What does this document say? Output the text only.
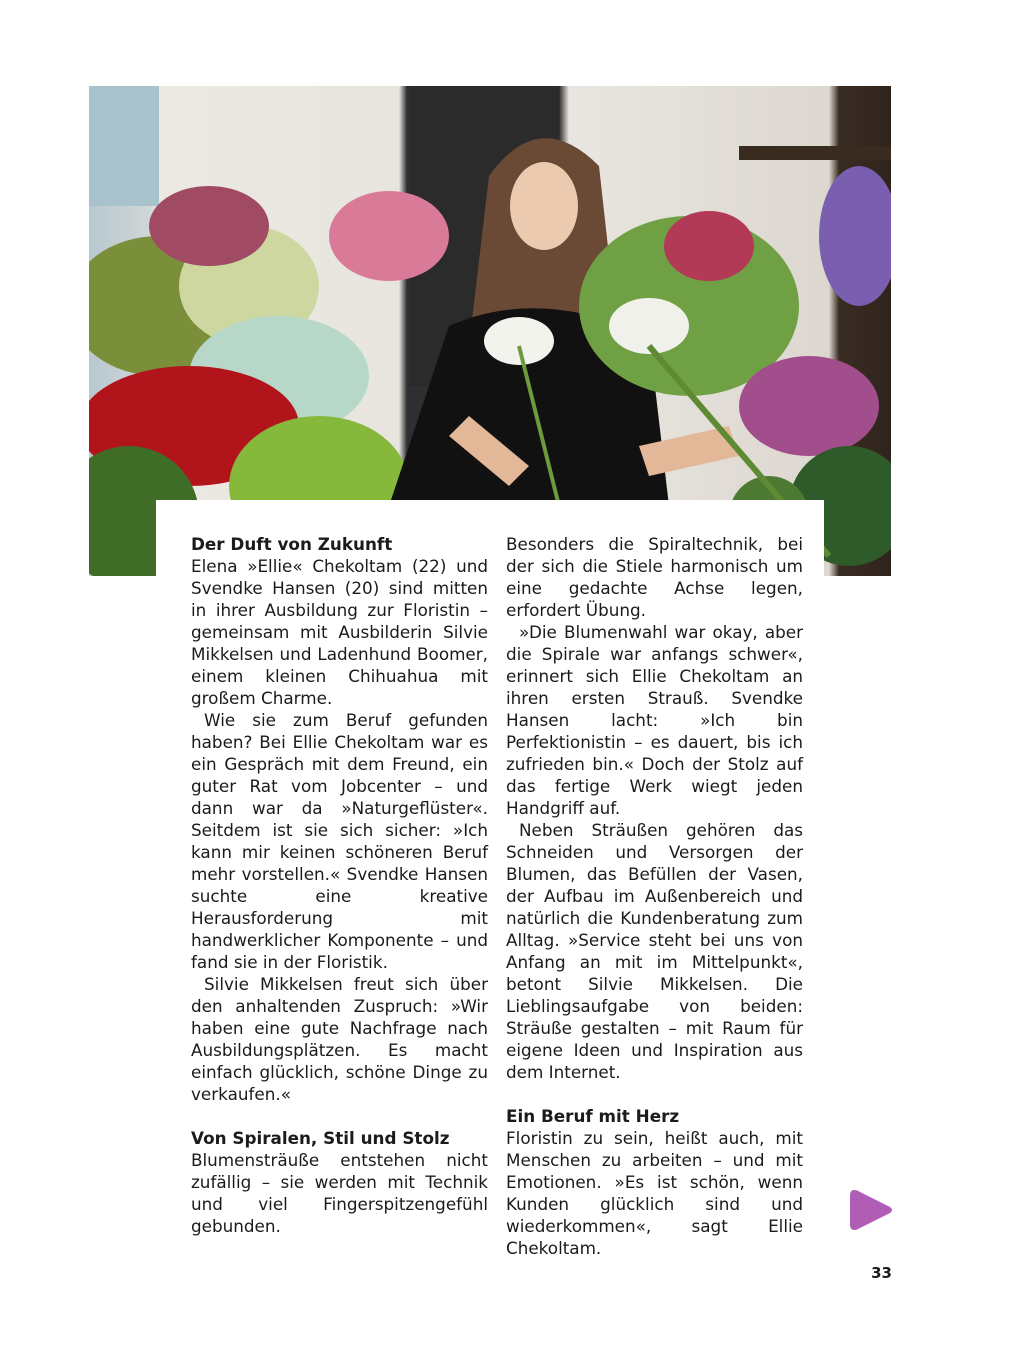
Der Duft von Zukunft

Elena »Ellie« Chekoltam (22) und Svendke Hansen (20) sind mitten in ihrer Ausbildung zur Floristin – gemeinsam mit Ausbilderin Silvie Mikkelsen und Ladenhund Boomer, einem kleinen Chihuahua mit großem Charme.

Wie sie zum Beruf gefunden haben? Bei Ellie Chekoltam war es ein Gespräch mit dem Freund, ein guter Rat vom Jobcenter – und dann war da »Naturgeflüster«. Seitdem ist sie sich sicher: »Ich kann mir keinen schöneren Beruf mehr vorstellen.« Svendke Hansen suchte eine kreative Herausforderung mit handwerklicher Komponente – und fand sie in der Floristik.

Silvie Mikkelsen freut sich über den anhaltenden Zuspruch: »Wir haben eine gute Nachfrage nach Ausbildungsplätzen. Es macht einfach glücklich, schöne Dinge zu verkaufen.«

Von Spiralen, Stil und Stolz

Blumensträuße entstehen nicht zufällig – sie werden mit Technik und viel Fingerspitzengefühl gebunden.

Besonders die Spiraltechnik, bei der sich die Stiele harmonisch um eine gedachte Achse legen, erfordert Übung.

»Die Blumenwahl war okay, aber die Spirale war anfangs schwer«, erinnert sich Ellie Chekoltam an ihren ersten Strauß. Svendke Hansen lacht: »Ich bin Perfektionistin – es dauert, bis ich zufrieden bin.« Doch der Stolz auf das fertige Werk wiegt jeden Handgriff auf.

Neben Sträußen gehören das Schneiden und Versorgen der Blumen, das Befüllen der Vasen, der Aufbau im Außenbereich und natürlich die Kundenberatung zum Alltag. »Service steht bei uns von Anfang an mit im Mittelpunkt«, betont Silvie Mikkelsen. Die Lieblingsaufgabe von beiden: Sträuße gestalten – mit Raum für eigene Ideen und Inspiration aus dem Internet.

Ein Beruf mit Herz

Floristin zu sein, heißt auch, mit Menschen zu arbeiten – und mit Emotionen. »Es ist schön, wenn Kunden glücklich sind und wiederkommen«, sagt Ellie Chekoltam.

33
